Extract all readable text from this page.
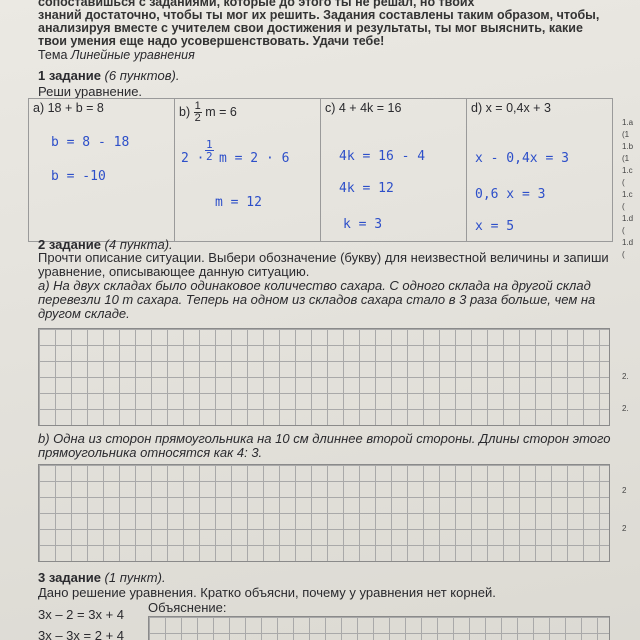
сопоставишься с заданиями, которые до этого ты не решал, но твоих
знаний достаточно, чтобы ты мог их решить. Задания составлены таким образом, чтобы,
анализируя вместе с учителем свои достижения и результаты, ты мог выяснить, какие
твои умения еще надо усовершенствовать. Удачи тебе!
Тема Линейные уравнения
1 задание (6 пунктов).
Реши уравнение.
a) 18 + b = 8
b = 8 - 18
b = -10
	$b) \frac{1}{2}$ m = 6
$2 \cdot \frac{1}{2}$ m = 2 · 6
m = 12
	c) 4 + 4k = 16
4k = 16 - 4
4k = 12
k = 3
	d) x = 0,4x + 3
x - 0,4x = 3
0,6 x = 3
x = 5
2 задание (4 пункта).
Прочти описание ситуации. Выбери обозначение (букву) для неизвестной величины и запиши уравнение, описывающее данную ситуацию.
a) На двух складах было одинаковое количество сахара. С одного склада на другой склад перевезли 10 т сахара. Теперь на одном из складов сахара стало в 3 раза больше, чем на другом складе.
b) Одна из сторон прямоугольника на 10 см длиннее второй стороны. Длины сторон этого прямоугольника относятся как 4: 3.
3 задание (1 пункт).
Дано решение уравнения. Кратко объясни, почему у уравнения нет корней.
Объяснение:
3x – 2 = 3x + 4
3x – 3x = 2 + 4
1.a
(1
1.b
(1
1.c
(
1.c
(
1.d
(
1.d
(
2.
2.
2
2
